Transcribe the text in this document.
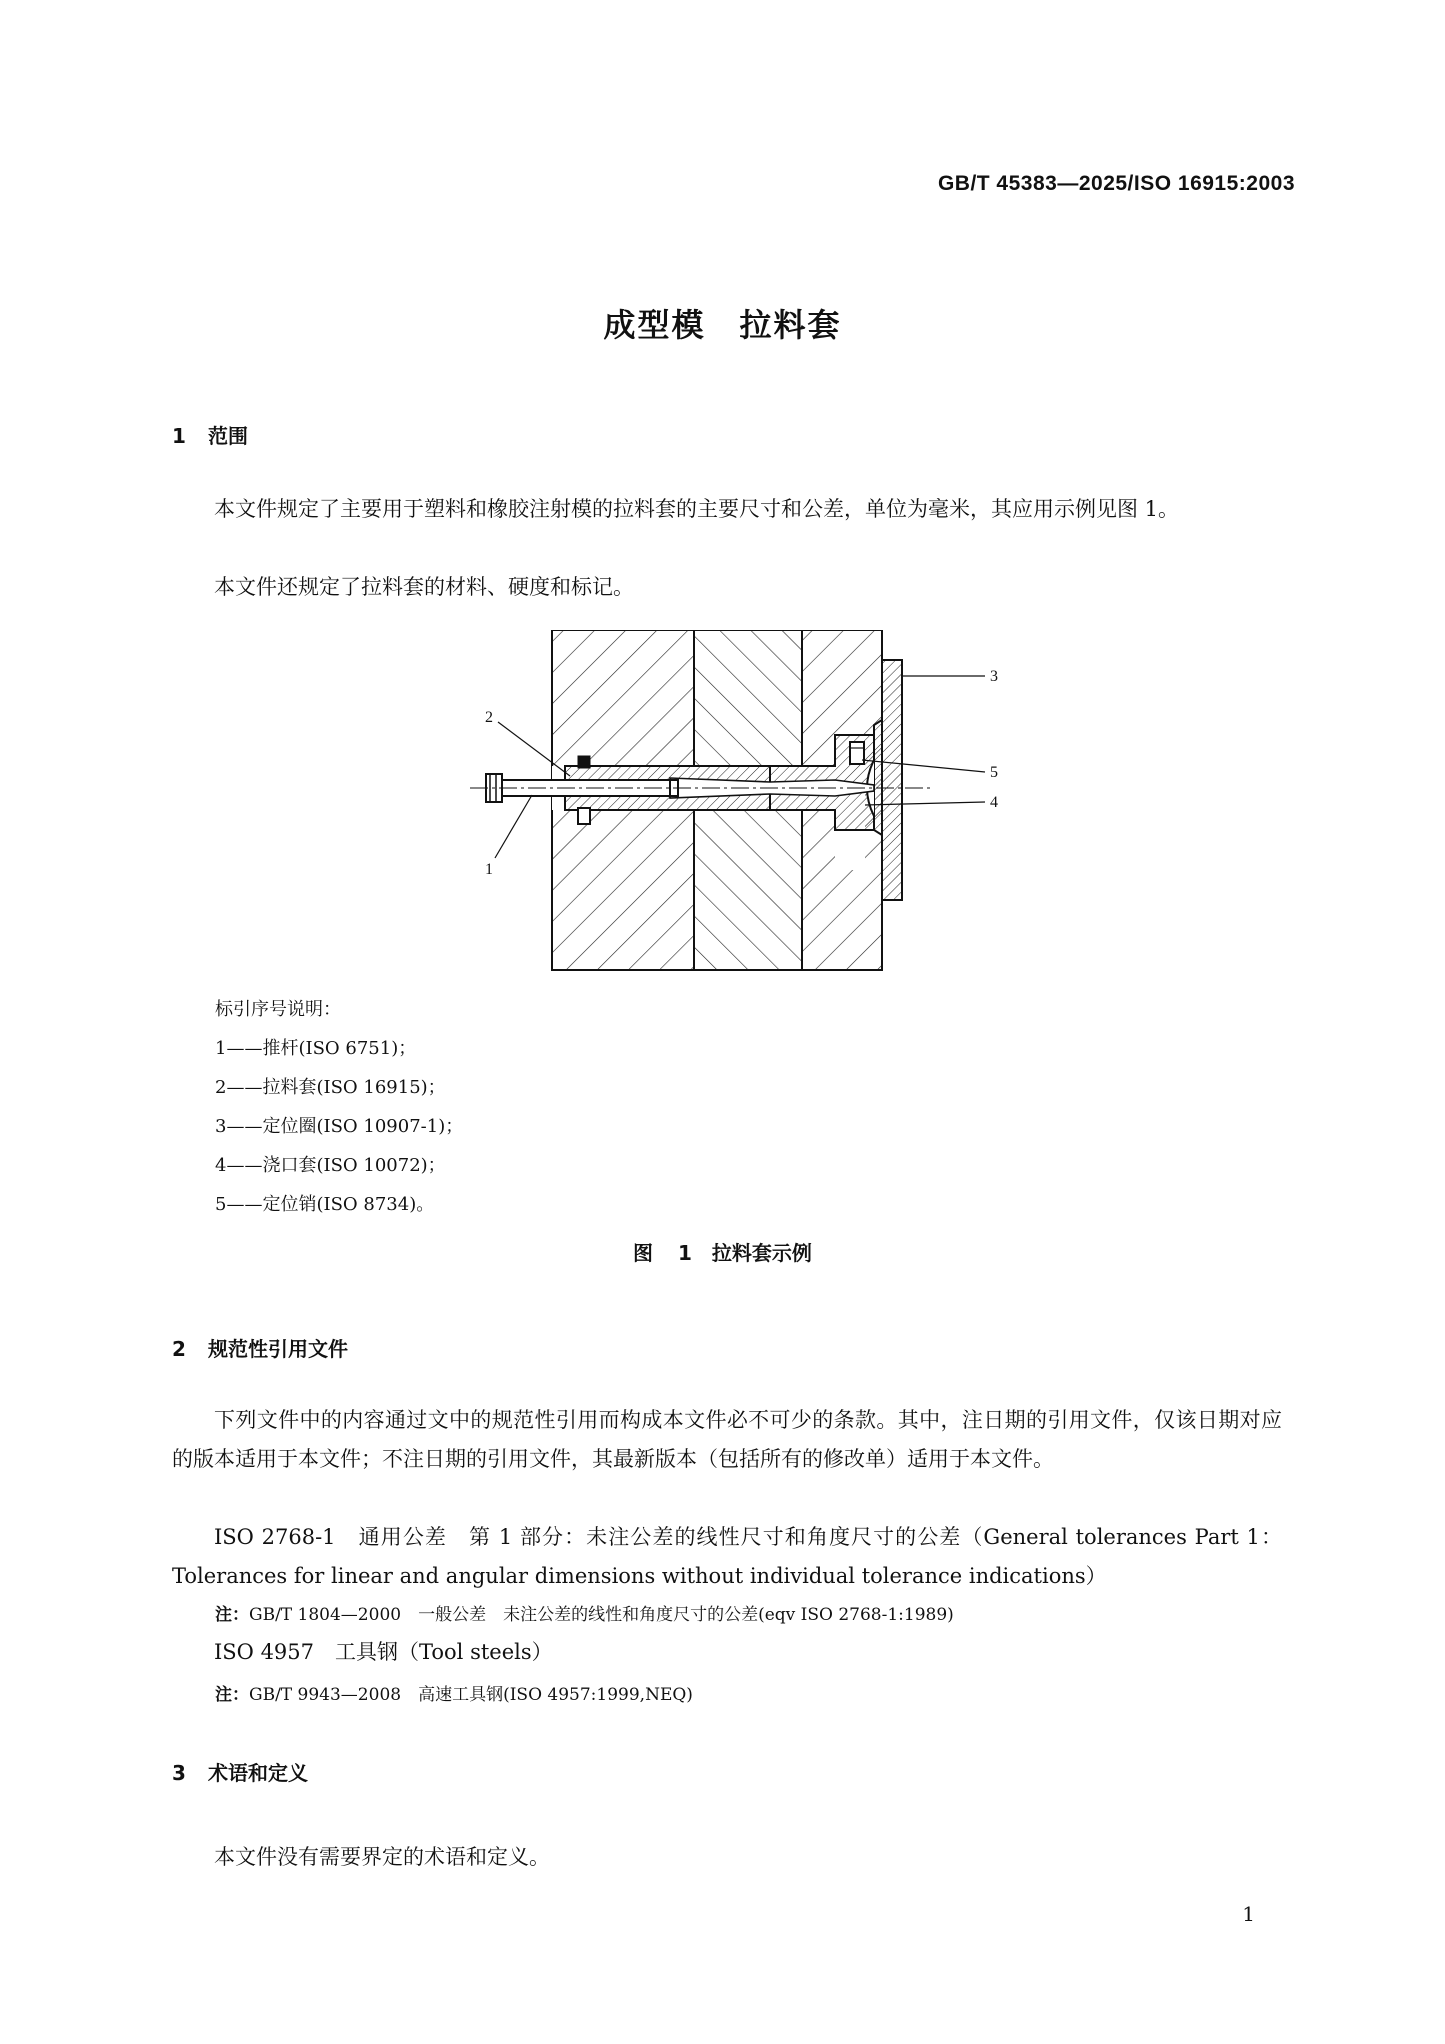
GB/T 45383—2025/ISO 16915:2003
成型模　拉料套
1 范围
本文件规定了主要用于塑料和橡胶注射模的拉料套的主要尺寸和公差，单位为毫米，其应用示例见图 1。
本文件还规定了拉料套的材料、硬度和标记。
2
1
3
5
4
标引序号说明：
1——推杆(ISO 6751)；
2——拉料套(ISO 16915)；
3——定位圈(ISO 10907-1)；
4——浇口套(ISO 10072)；
5——定位销(ISO 8734)。
图 1　拉料套示例
2 规范性引用文件
下列文件中的内容通过文中的规范性引用而构成本文件必不可少的条款。其中，注日期的引用文件，仅该日期对应的版本适用于本文件；不注日期的引用文件，其最新版本（包括所有的修改单）适用于本文件。
ISO 2768-1　通用公差　第 1 部分：未注公差的线性尺寸和角度尺寸的公差（General tolerances Part 1：Tolerances for linear and angular dimensions without individual tolerance indications）
注：GB/T 1804—2000　一般公差　未注公差的线性和角度尺寸的公差(eqv ISO 2768-1:1989)
ISO 4957　工具钢（Tool steels）
注：GB/T 9943—2008　高速工具钢(ISO 4957:1999,NEQ)
3 术语和定义
本文件没有需要界定的术语和定义。
1
